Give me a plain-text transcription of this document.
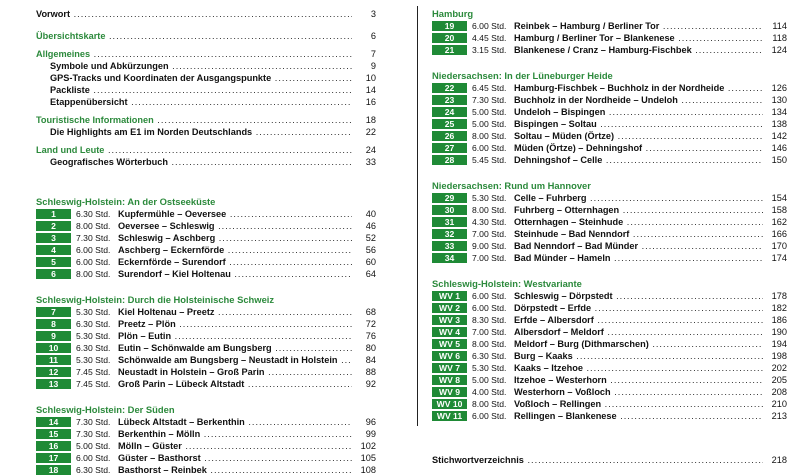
Vorwort .....	3
Übersichtskarte .....	6
Allgemeines .....	7
Symbole und Abkürzungen .....	9
GPS-Tracks und Koordinaten der Ausgangspunkte .....	10
Packliste .....	14
Etappenübersicht .....	16
Touristische Informationen .....	18
Die Highlights am E1 im Norden Deutschlands .....	22
Land und Leute .....	24
Geografisches Wörterbuch .....	33
Schleswig-Holstein: An der Ostseeküste
1	6.30 Std. Kupfermühle – Oeversee .....	40
2	8.00 Std. Oeversee – Schleswig .....	46
3	7.30 Std. Schleswig – Aschberg .....	52
4	6.00 Std. Aschberg – Eckernförde .....	56
5	6.00 Std. Eckernförde – Surendorf .....	60
6	8.00 Std. Surendorf – Kiel Holtenau .....	64
Schleswig-Holstein: Durch die Holsteinische Schweiz
7	5.30 Std. Kiel Holtenau – Preetz .....	68
8	6.30 Std. Preetz – Plön .....	72
9	5.30 Std. Plön – Eutin .....	76
10	6.30 Std. Eutin – Schönwalde am Bungsberg .....	80
11	5.30 Std. Schönwalde am Bungsberg – Neustadt in Holstein .....	84
12	7.45 Std. Neustadt in Holstein – Groß Parin .....	88
13	7.45 Std. Groß Parin – Lübeck Altstadt .....	92
Schleswig-Holstein: Der Süden
14	7.30 Std. Lübeck Altstadt – Berkenthin .....	96
15	7.30 Std. Berkenthin – Mölln .....	99
16	5.00 Std. Mölln – Güster .....	102
17	6.00 Std. Güster – Basthorst .....	105
18	6.30 Std. Basthorst – Reinbek .....	108
Hamburg
19	6.00 Std. Reinbek – Hamburg / Berliner Tor .....	114
20	4.45 Std. Hamburg / Berliner Tor – Blankenese .....	118
21	3.15 Std. Blankenese / Cranz – Hamburg-Fischbek .....	124
Niedersachsen: In der Lüneburger Heide
22	6.45 Std. Hamburg-Fischbek – Buchholz in der Nordheide .....	126
23	7.30 Std. Buchholz in der Nordheide – Undeloh .....	130
24	5.00 Std. Undeloh – Bispingen .....	134
25	5.00 Std. Bispingen – Soltau .....	138
26	8.00 Std. Soltau – Müden (Örtze) .....	142
27	6.00 Std. Müden (Örtze) – Dehningshof .....	146
28	5.45 Std. Dehningshof – Celle .....	150
Niedersachsen: Rund um Hannover
29	5.30 Std. Celle – Fuhrberg .....	154
30	8.00 Std. Fuhrberg – Otternhagen .....	158
31	4.30 Std. Otternhagen – Steinhude .....	162
32	7.00 Std. Steinhude – Bad Nenndorf .....	166
33	9.00 Std. Bad Nenndorf – Bad Münder .....	170
34	7.00 Std. Bad Münder – Hameln .....	174
Schleswig-Holstein: Westvariante
WV 1	6.00 Std. Schleswig – Dörpstedt .....	178
WV 2	6.00 Std. Dörpstedt – Erfde .....	182
WV 3	8.30 Std. Erfde – Albersdorf .....	186
WV 4	7.00 Std. Albersdorf – Meldorf .....	190
WV 5	8.00 Std. Meldorf – Burg (Dithmarschen) .....	194
WV 6	6.30 Std. Burg – Kaaks .....	198
WV 7	5.30 Std. Kaaks – Itzehoe .....	202
WV 8	5.00 Std. Itzehoe – Westerhorn .....	205
WV 9	4.00 Std. Westerhorn – Voßloch .....	208
WV 10	8.00 Std. Voßloch – Rellingen .....	210
WV 11	6.00 Std. Rellingen – Blankenese .....	213
Stichwortverzeichnis .....	218
